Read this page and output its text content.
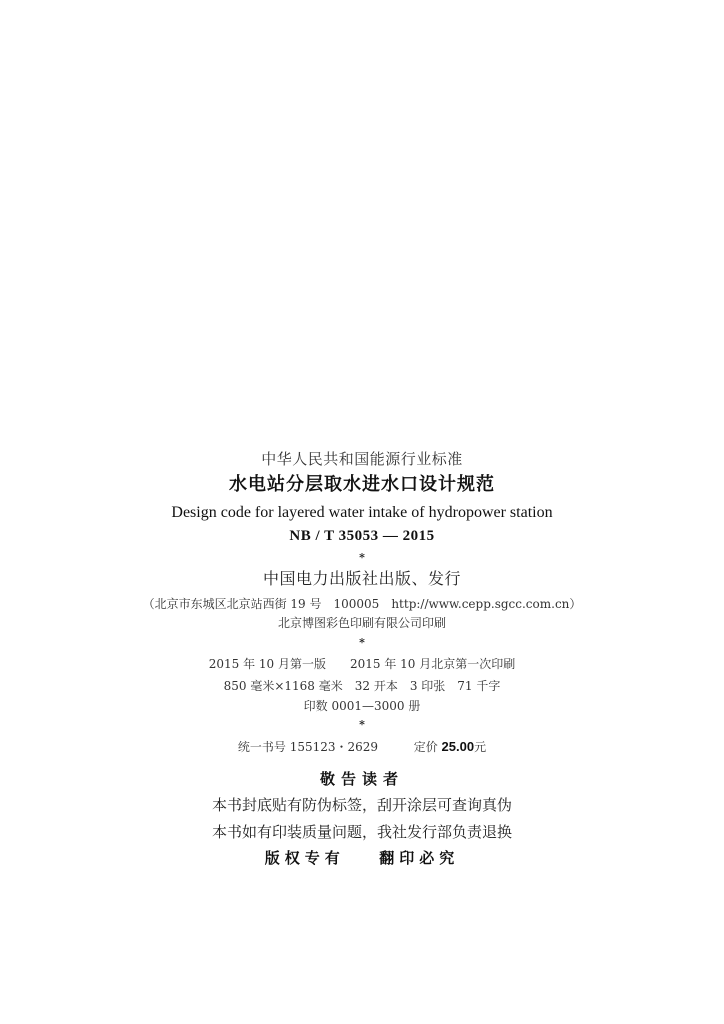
中华人民共和国能源行业标准
水电站分层取水进水口设计规范
Design code for layered water intake of hydropower station
NB / T 35053 — 2015
*
中国电力出版社出版、发行
（北京市东城区北京站西街 19 号　100005　http://www.cepp.sgcc.com.cn）
北京博图彩色印刷有限公司印刷
*
2015 年 10 月第一版　　2015 年 10 月北京第一次印刷
850 毫米×1168 毫米　32 开本　3 印张　71 千字
印数 0001—3000 册
*
统一书号 155123・2629	定价 25.00元
敬告读者
本书封底贴有防伪标签，刮开涂层可查询真伪
本书如有印装质量问题，我社发行部负责退换
版权专有 翻印必究
